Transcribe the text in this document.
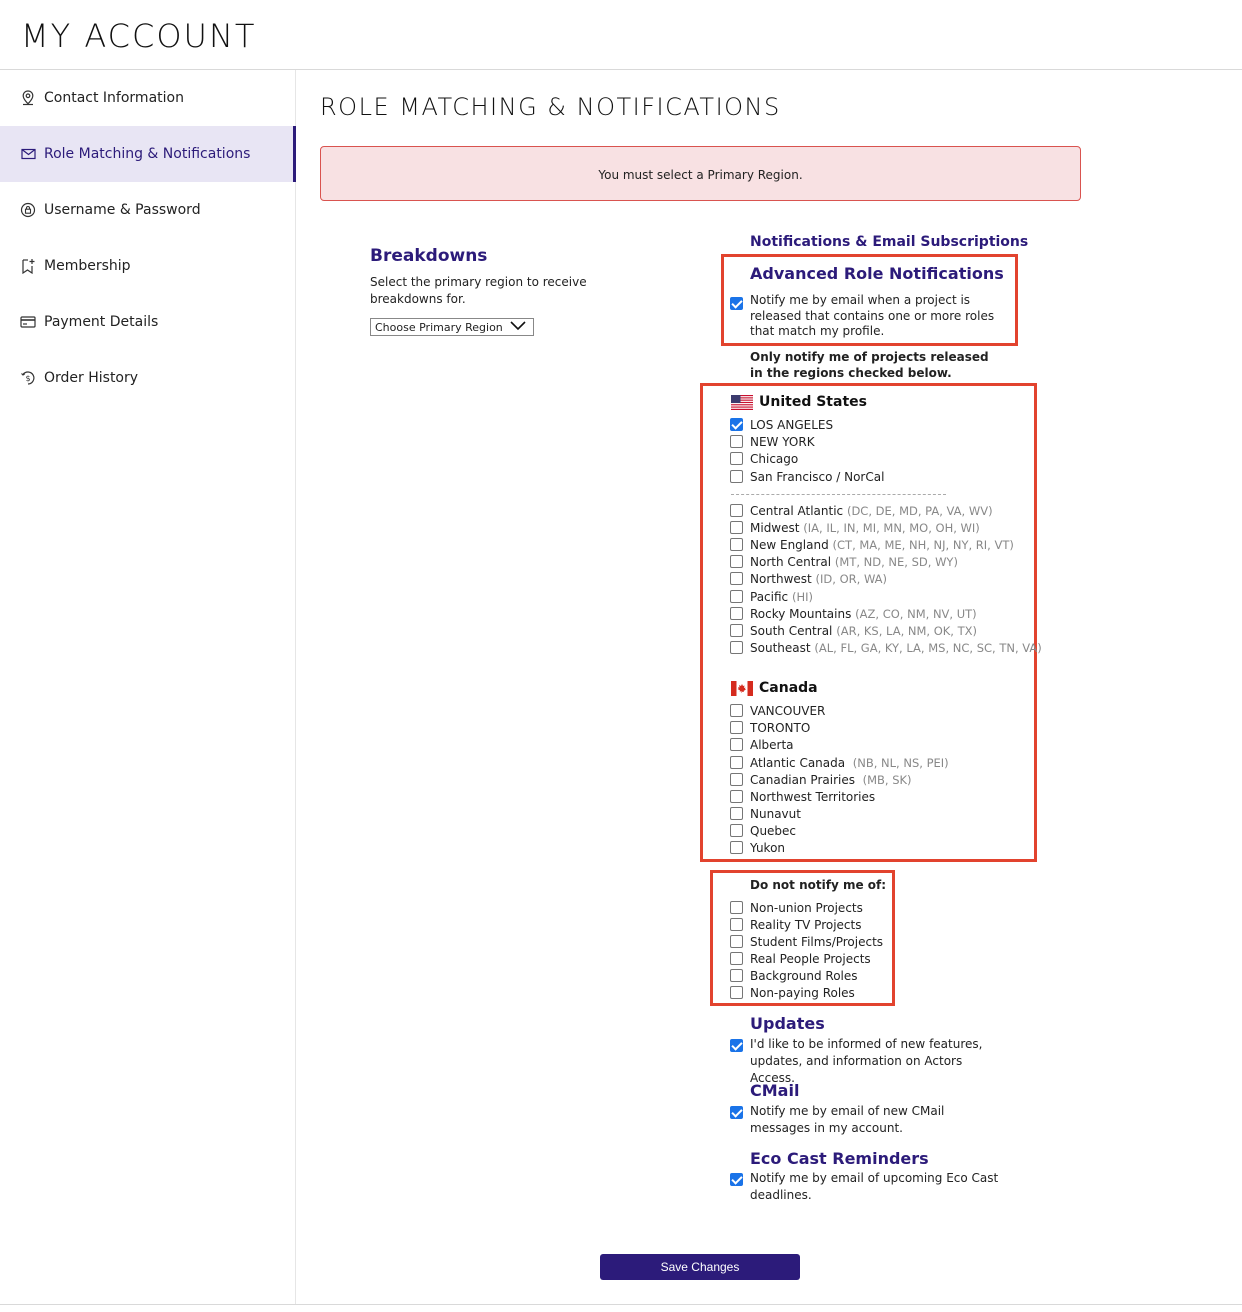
MY ACCOUNT
Contact Information
Role Matching & Notifications
Username & Password
Membership
Payment Details
$ Order History
ROLE MATCHING & NOTIFICATIONS
You must select a Primary Region.
Breakdowns
Select the primary region to receive breakdowns for.
Choose Primary Region
Notifications & Email Subscriptions
Advanced Role Notifications
Notify me by email when a project is released that contains one or more roles that match my profile.
Only notify me of projects released in the regions checked below.
United States
LOS ANGELES
NEW YORK
Chicago
San Francisco / NorCal
Central Atlantic (DC, DE, MD, PA, VA, WV)
Midwest (IA, IL, IN, MI, MN, MO, OH, WI)
New England (CT, MA, ME, NH, NJ, NY, RI, VT)
North Central (MT, ND, NE, SD, WY)
Northwest (ID, OR, WA)
Pacific (HI)
Rocky Mountains (AZ, CO, NM, NV, UT)
South Central (AR, KS, LA, NM, OK, TX)
Southeast (AL, FL, GA, KY, LA, MS, NC, SC, TN, VA)
Canada
VANCOUVER
TORONTO
Alberta
Atlantic Canada (NB, NL, NS, PEI)
Canadian Prairies (MB, SK)
Northwest Territories
Nunavut
Quebec
Yukon
Do not notify me of:
Non-union Projects
Reality TV Projects
Student Films/Projects
Real People Projects
Background Roles
Non-paying Roles
Updates
I'd like to be informed of new features, updates, and information on Actors Access.
CMail
Notify me by email of new CMail messages in my account.
Eco Cast Reminders
Notify me by email of upcoming Eco Cast deadlines.
Save Changes
